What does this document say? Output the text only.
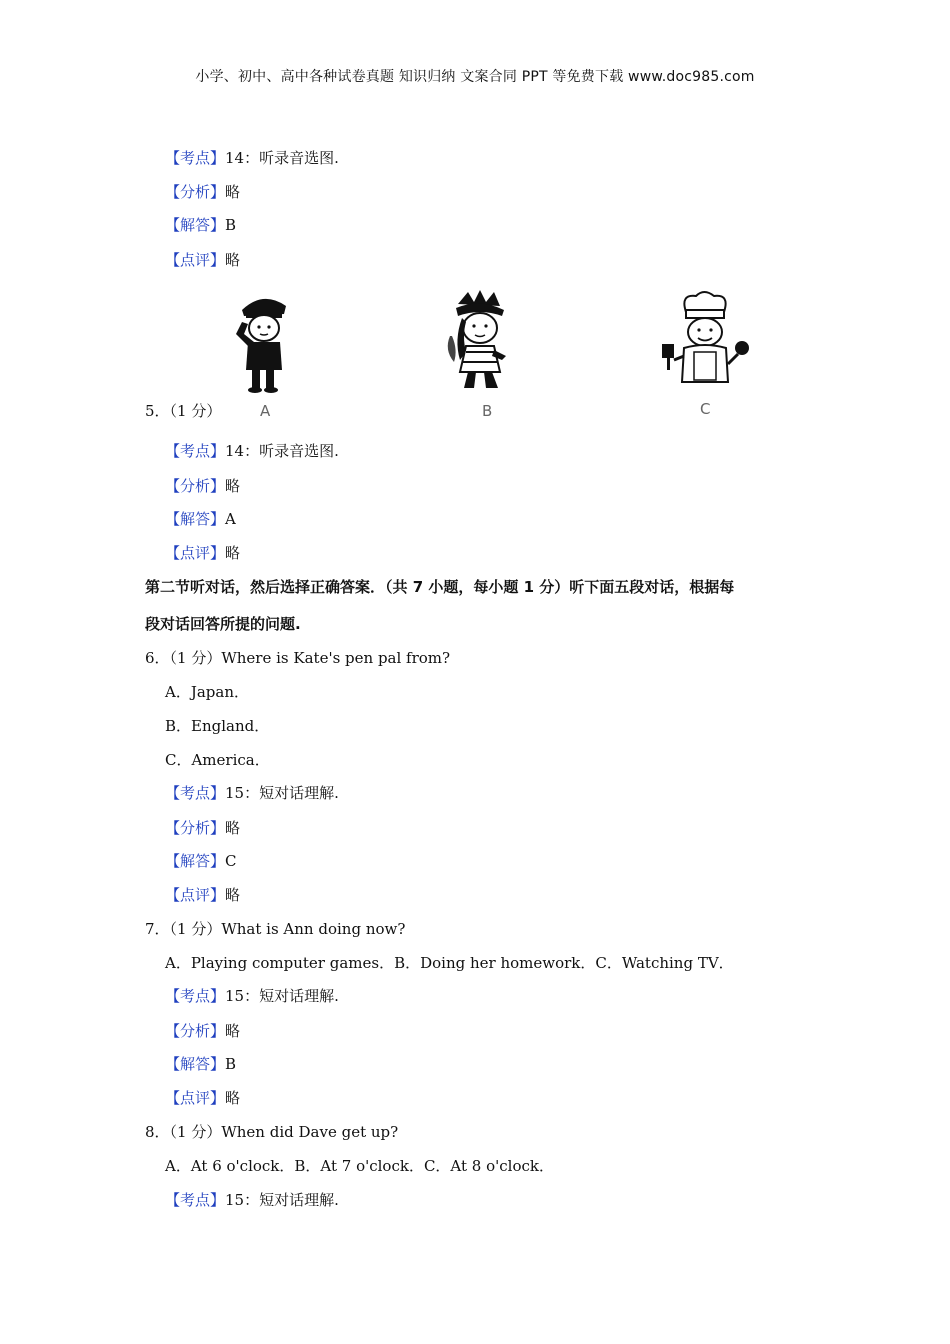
小学、初中、高中各种试卷真题 知识归纳 文案合同 PPT 等免费下载 www.doc985.com
【考点】14：听录音选图.
【分析】略
【解答】B
【点评】略
5．（1 分）	A	B	C
【考点】14：听录音选图.
【分析】略
【解答】A
【点评】略
第二节听对话，然后选择正确答案．（共 7 小题，每小题 1 分）听下面五段对话，根据每
段对话回答所提的问题.
6．（1 分）Where is Kate's pen pal from?
A．Japan．
B．England．
C．America．
【考点】15：短对话理解.
【分析】略
【解答】C
【点评】略
7．（1 分）What is Ann doing now?
A．Playing computer games．B．Doing her homework．C．Watching TV．
【考点】15：短对话理解.
【分析】略
【解答】B
【点评】略
8．（1 分）When did Dave get up?
A．At 6 o'clock．B．At 7 o'clock．C．At 8 o'clock．
【考点】15：短对话理解.
